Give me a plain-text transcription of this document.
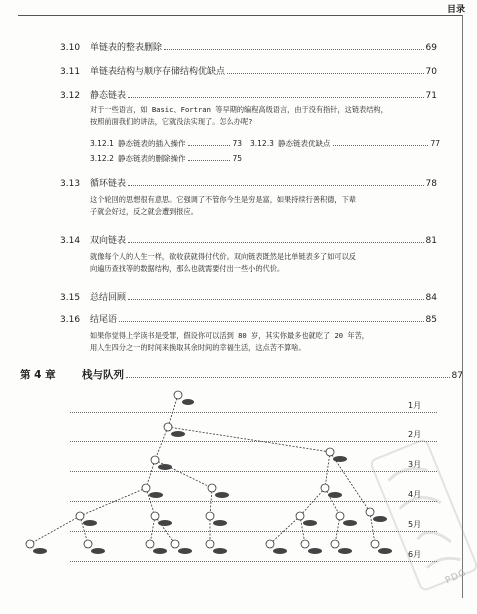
目录
3.10	单链表的整表删除	69
3.11	单链表结构与顺序存储结构优缺点	70
3.12	静态链表	71
对于一些语言，如 Basic、Fortran 等早期的编程高级语言，由于没有指针，这链表结构，
按照前面我们的讲法，它就没法实现了。怎么办呢?
3.12.1 静态链表的插入操作	73 3.12.3 静态链表优缺点	77
3.12.2 静态链表的删除操作	75
3.13	循环链表	78
这个轮回的思想很有意思。它强调了不管你今生是穷是富，如果持续行善积德，下辈
子就会好过，反之就会遭到报应。
3.14	双向链表	81
就像每个人的人生一样，欲收获就得付代价。双向链表既然是比单链表多了如可以反
向遍历查找等的数据结构，那么也就需要付出一些小的代价。
3.15	总结回顾	84
3.16	结尾语	85
如果你觉得上学读书是受罪，假设你可以活到 80 岁，其实你最多也就吃了 20 年苦，
用人生四分之一的时间来换取其余时间的幸福生活，这点苦不算啥。
第 4 章	栈与队列	87
1月
2月
3月
4月
5月
6月
PDG
